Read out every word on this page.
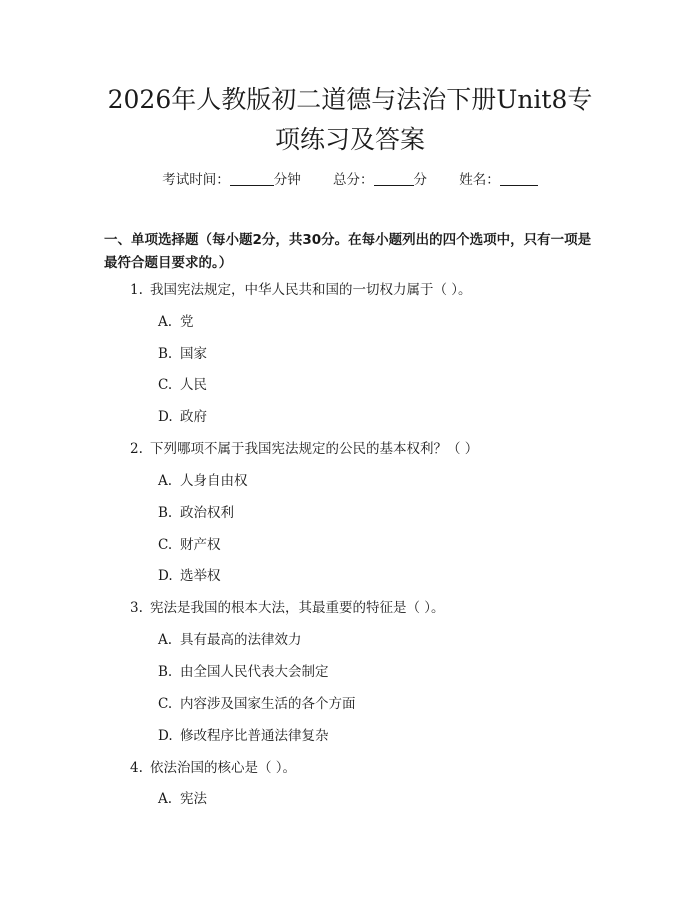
2026年人教版初二道德与法治下册Unit8专
项练习及答案
考试时间：	分钟 总分：	分 姓名：

一、单项选择题（每小题2分，共30分。在每小题列出的四个选项中，只有一项是最符合题目要求的。）

1. 我国宪法规定，中华人民共和国的一切权力属于（ ）。
A. 党
B. 国家
C. 人民
D. 政府
2. 下列哪项不属于我国宪法规定的公民的基本权利？（ ）
A. 人身自由权
B. 政治权利
C. 财产权
D. 选举权
3. 宪法是我国的根本大法，其最重要的特征是（ ）。
A. 具有最高的法律效力
B. 由全国人民代表大会制定
C. 内容涉及国家生活的各个方面
D. 修改程序比普通法律复杂
4. 依法治国的核心是（ ）。
A. 宪法
